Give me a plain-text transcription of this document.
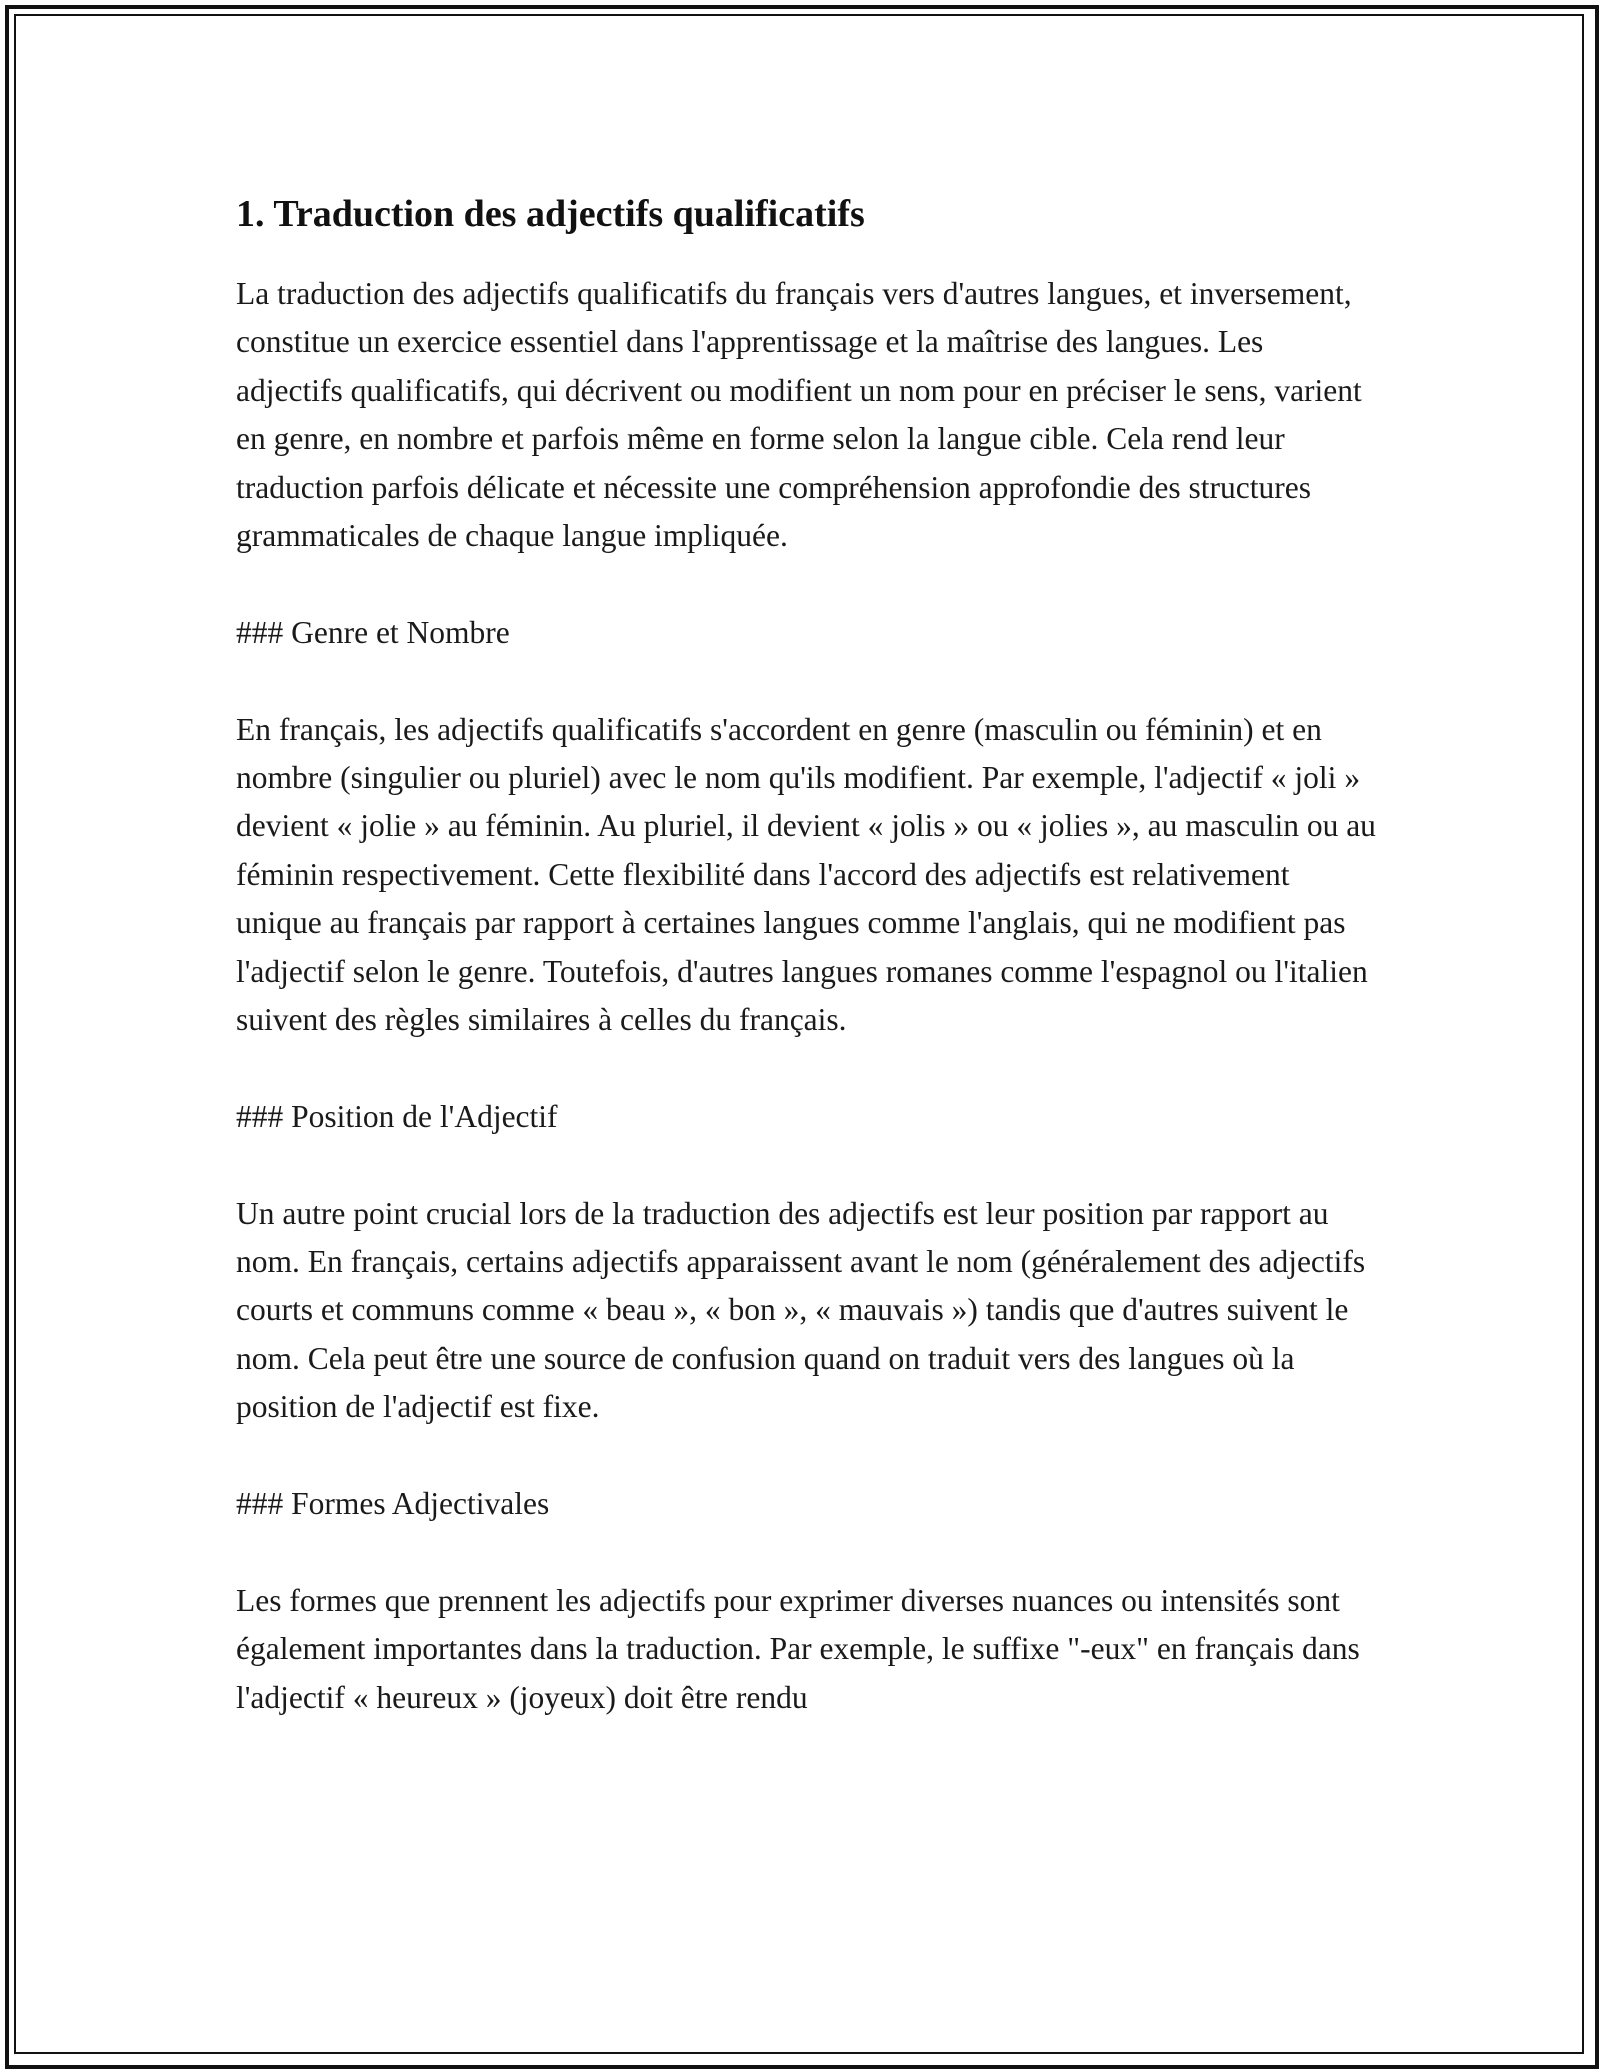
1. Traduction des adjectifs qualificatifs

La traduction des adjectifs qualificatifs du français vers d'autres langues, et inversement, constitue un exercice essentiel dans l'apprentissage et la maîtrise des langues. Les adjectifs qualificatifs, qui décrivent ou modifient un nom pour en préciser le sens, varient en genre, en nombre et parfois même en forme selon la langue cible. Cela rend leur traduction parfois délicate et nécessite une compréhension approfondie des structures grammaticales de chaque langue impliquée.

### Genre et Nombre

En français, les adjectifs qualificatifs s'accordent en genre (masculin ou féminin) et en nombre (singulier ou pluriel) avec le nom qu'ils modifient. Par exemple, l'adjectif « joli » devient « jolie » au féminin. Au pluriel, il devient « jolis » ou « jolies », au masculin ou au féminin respectivement. Cette flexibilité dans l'accord des adjectifs est relativement unique au français par rapport à certaines langues comme l'anglais, qui ne modifient pas l'adjectif selon le genre. Toutefois, d'autres langues romanes comme l'espagnol ou l'italien suivent des règles similaires à celles du français.

### Position de l'Adjectif

Un autre point crucial lors de la traduction des adjectifs est leur position par rapport au nom. En français, certains adjectifs apparaissent avant le nom (généralement des adjectifs courts et communs comme « beau », « bon », « mauvais ») tandis que d'autres suivent le nom. Cela peut être une source de confusion quand on traduit vers des langues où la position de l'adjectif est fixe.

### Formes Adjectivales

Les formes que prennent les adjectifs pour exprimer diverses nuances ou intensités sont également importantes dans la traduction. Par exemple, le suffixe "-eux" en français dans l'adjectif « heureux » (joyeux) doit être rendu
